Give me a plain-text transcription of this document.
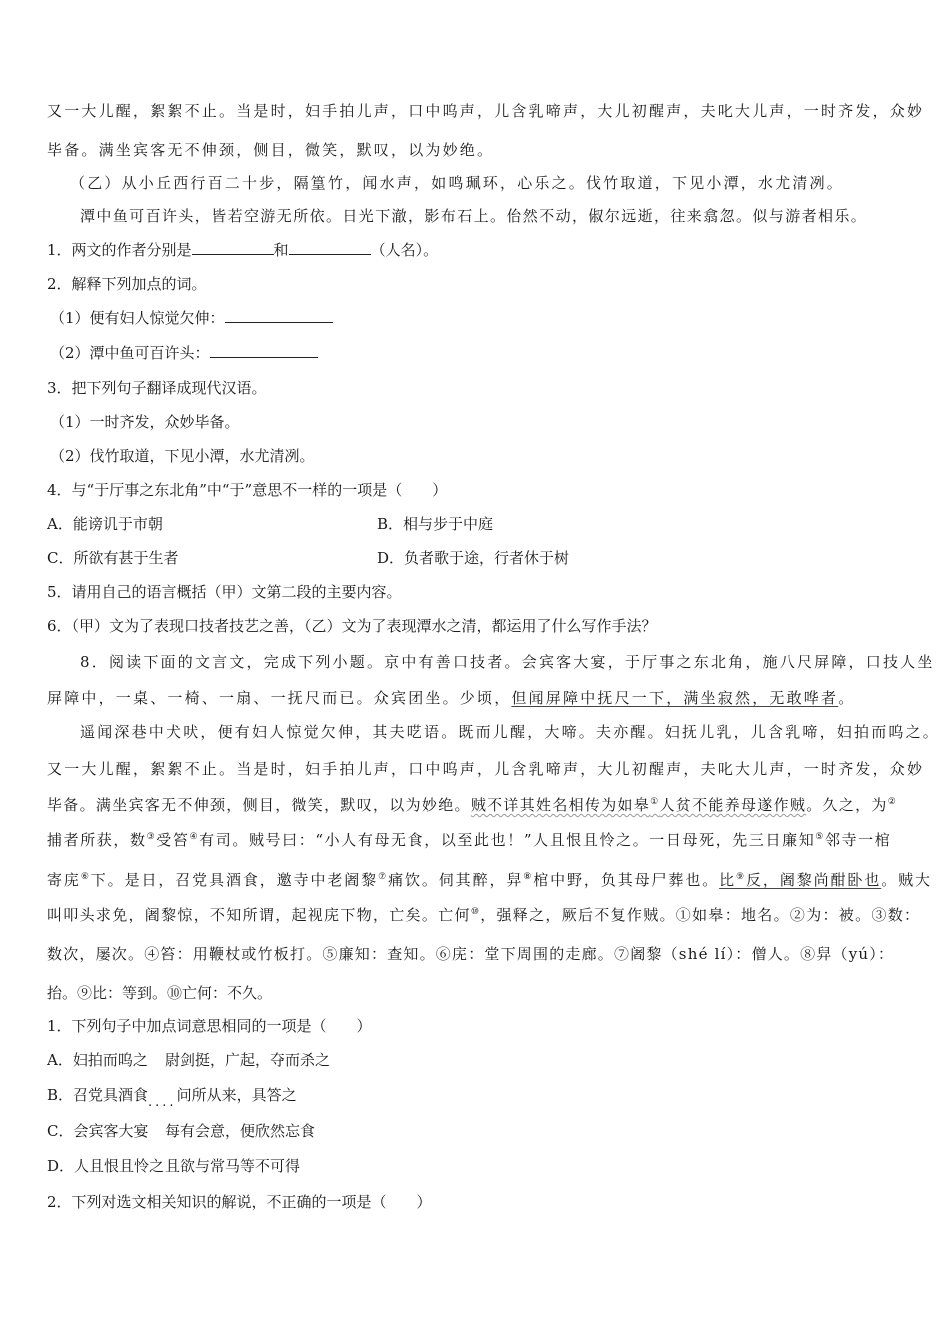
又一大儿醒，絮絮不止。当是时，妇手拍儿声，口中呜声，儿含乳啼声，大儿初醒声，夫叱大儿声，一时齐发，众妙
毕备。满坐宾客无不伸颈，侧目，微笑，默叹，以为妙绝。
（乙）从小丘西行百二十步，隔篁竹，闻水声，如鸣珮环，心乐之。伐竹取道，下见小潭，水尤清冽。
潭中鱼可百许头，皆若空游无所依。日光下澈，影布石上。佁然不动，俶尔远逝，往来翕忽。似与游者相乐。
1．两文的作者分别是	和	（人名）。
2．解释下列加点的词。
（1）便有妇人惊觉欠伸：
（2）潭中鱼可百许头：
3．把下列句子翻译成现代汉语。
（1）一时齐发，众妙毕备。
（2）伐竹取道，下见小潭，水尤清冽。
4．与“于厅事之东北角”中“于”意思不一样的一项是（　　）
A．能谤讥于市朝	B．相与步于中庭
C．所欲有甚于生者	D．负者歌于途，行者休于树
5．请用自己的语言概括（甲）文第二段的主要内容。
6．（甲）文为了表现口技者技艺之善，（乙）文为了表现潭水之清，都运用了什么写作手法？
8．阅读下面的文言文，完成下列小题。京中有善口技者。会宾客大宴，于厅事之东北角，施八尺屏障，口技人坐
屏障中，一桌、一椅、一扇、一抚尺而已。众宾团坐。少顷，但闻屏障中抚尺一下，满坐寂然，无敢哗者。
遥闻深巷中犬吠，便有妇人惊觉欠伸，其夫呓语。既而儿醒，大啼。夫亦醒。妇抚儿乳，儿含乳啼，妇拍而呜之。
又一大儿醒，絮絮不止。当是时，妇手拍儿声，口中呜声，儿含乳啼声，大儿初醒声，夫叱大儿声，一时齐发，众妙
毕备。满坐宾客无不伸颈，侧目，微笑，默叹，以为妙绝。贼不详其姓名相传为如皋①人贫不能养母遂作贼。久之，为②
捕者所获，数③受笞④有司。贼号曰：“小人有母无食，以至此也！”人且恨且怜之。一日母死，先三日廉知⑤邻寺一棺
寄庑⑥下。是日，召党具酒食，邀寺中老阇黎⑦痛饮。伺其醉，舁⑧棺中野，负其母尸葬也。比⑨反，阇黎尚酣卧也。贼大
叫叩头求免，阇黎惊，不知所谓，起视庑下物，亡矣。亡何⑩，强释之，厥后不复作贼。①如皋：地名。②为：被。③数：
数次，屡次。④笞：用鞭杖或竹板打。⑤廉知：查知。⑥庑：堂下周围的走廊。⑦阇黎（shé lí）：僧人。⑧舁（yú）：
抬。⑨比：等到。⑩亡何：不久。
1．下列句子中加点词意思相同的一项是（　　）
A．妇拍而呜之 尉剑挺，广起，夺而杀之
B．召党具酒食....问所从来，具答之
C．会宾客大宴 每有会意，便欣然忘食
D．人且恨且怜之且欲与常马等不可得
2．下列对选文相关知识的解说，不正确的一项是（　　）
